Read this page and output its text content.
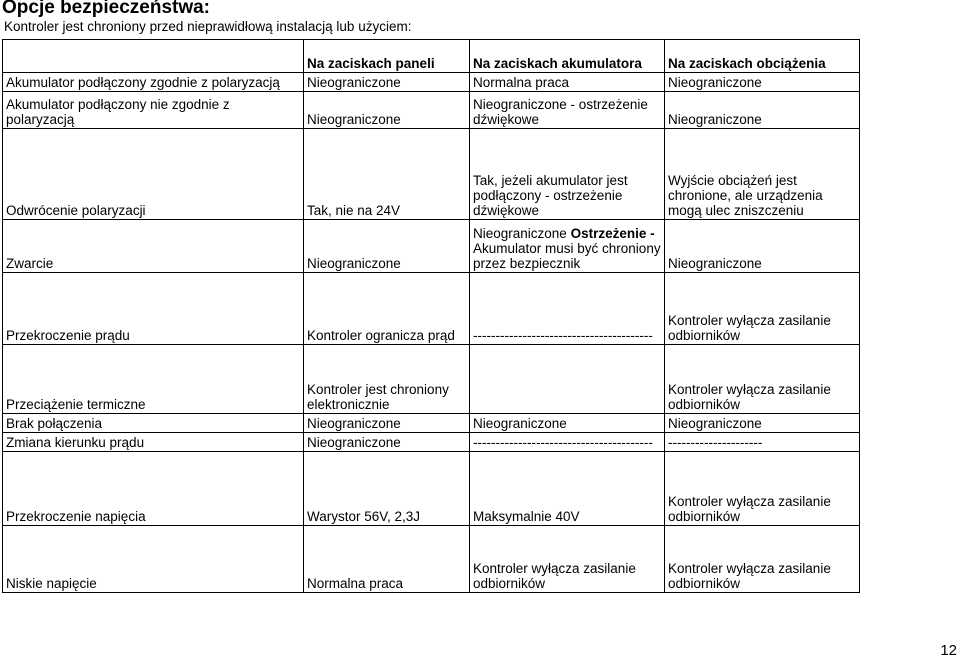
Opcje bezpieczeństwa:
Kontroler jest chroniony przed nieprawidłową instalacją lub użyciem:
	Na zaciskach paneli	Na zaciskach akumulatora	Na zaciskach obciążenia
Akumulator podłączony zgodnie z polaryzacją	Nieograniczone	Normalna praca	Nieograniczone

Akumulator podłączony nie zgodnie z polaryzacją	Nieograniczone	Nieograniczone - ostrzeżenie dźwiękowe	Nieograniczone
Odwrócenie polaryzacji	Tak, nie na 24V	Tak, jeżeli akumulator jest podłączony - ostrzeżenie dźwiękowe	Wyjście obciążeń jest chronione, ale urządzenia mogą ulec zniszczeniu
Zwarcie	Nieograniczone	Nieograniczone Ostrzeżenie - Akumulator musi być chroniony przez bezpiecznik	Nieograniczone
Przekroczenie prądu	Kontroler ogranicza prąd	----------------------------------------	Kontroler wyłącza zasilanie odbiorników
Przeciążenie termiczne	Kontroler jest chroniony elektronicznie		Kontroler wyłącza zasilanie odbiorników
Brak połączenia	Nieograniczone	Nieograniczone	Nieograniczone
Zmiana kierunku prądu	Nieograniczone	----------------------------------------	---------------------
Przekroczenie napięcia	Warystor 56V, 2,3J	Maksymalnie 40V	Kontroler wyłącza zasilanie odbiorników
Niskie napięcie	Normalna praca	Kontroler wyłącza zasilanie odbiorników	Kontroler wyłącza zasilanie odbiorników
12
